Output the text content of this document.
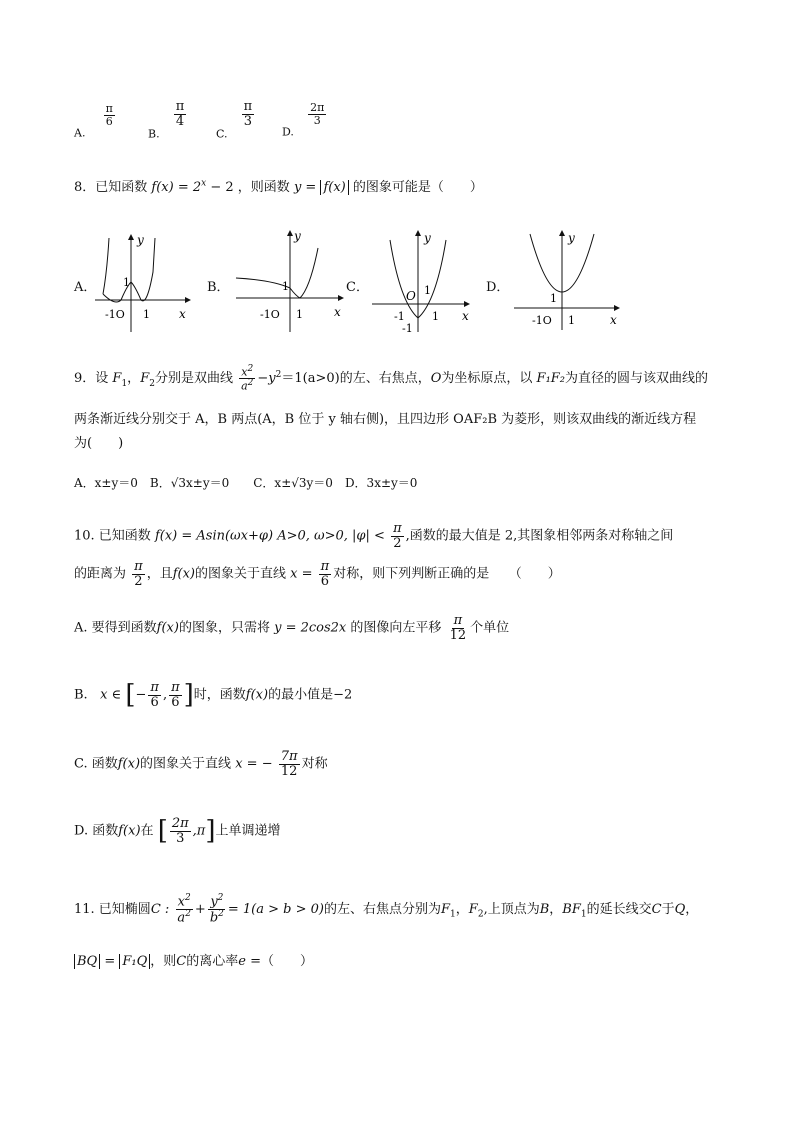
$_{A.}$
$\frac{\pi}{6}$
$_{B.}$
$\frac{\pi}{4}$
$_{C.}$
$\frac{\pi}{3}$
$_{D.}$
$\frac{2\pi}{3}$
8．已知函数 $f(x) = 2^x - 2$ ，则函数 y = f(x) 的图象可能是（　　）
A．
y
x
1
-1O 1
B．
y
x
1
-1O 1
C．
y
x
O 1
-1 1
-1
D．
y
x
1
-1O 1
9．设 $F_1$，$F_2$分别是双曲线 $\frac{x^2}{a^2} -y^2=1(a>0)$的左、右焦点，O为坐标原点，以 F₁F₂为直径的圆与该双曲线的
两条渐近线分别交于 A，B 两点(A，B 位于 y 轴右侧)，且四边形 OAF₂B 为菱形，则该双曲线的渐近线方程
为(　　)
A．x±y＝0　B．√3x±y＝0　　C．x±√3y＝0　D．3x±y＝0
10. 已知函数 f(x) = Asin(ωx+φ) A>0, ω>0, $|\varphi| < \frac{\pi}{2}$ ,函数的最大值是 2,其图象相邻两条对称轴之间
的距离为 $\frac{\pi}{2}$ ，且f(x)的图象关于直线 $x = \frac{\pi}{6}$ 对称，则下列判断正确的是　　（　　）
A. 要得到函数f(x)的图象，只需将 y = 2cos2x 的图像向左平移 $\frac{\pi}{12}$ 个单位
B. x ∈ [− $\frac{\pi}{6}$ , $\frac{\pi}{6}$ ]时，函数f(x)的最小值是−2
C. 函数f(x)的图象关于直线 x = − $\frac{7\pi}{12}$ 对称
D. 函数f(x)在 [ $\frac{2\pi}{3} ,\pi$]上单调递增
11. 已知椭圆C : $\frac{x^2}{a^2} + \frac{y^2}{b^2} = 1(a > b > 0)$的左、右焦点分别为$F_1$，$F_2$,上顶点为B，$BF_1$的延长线交C于Q，
BQ = F₁Q ，则C的离心率e =（　　）
